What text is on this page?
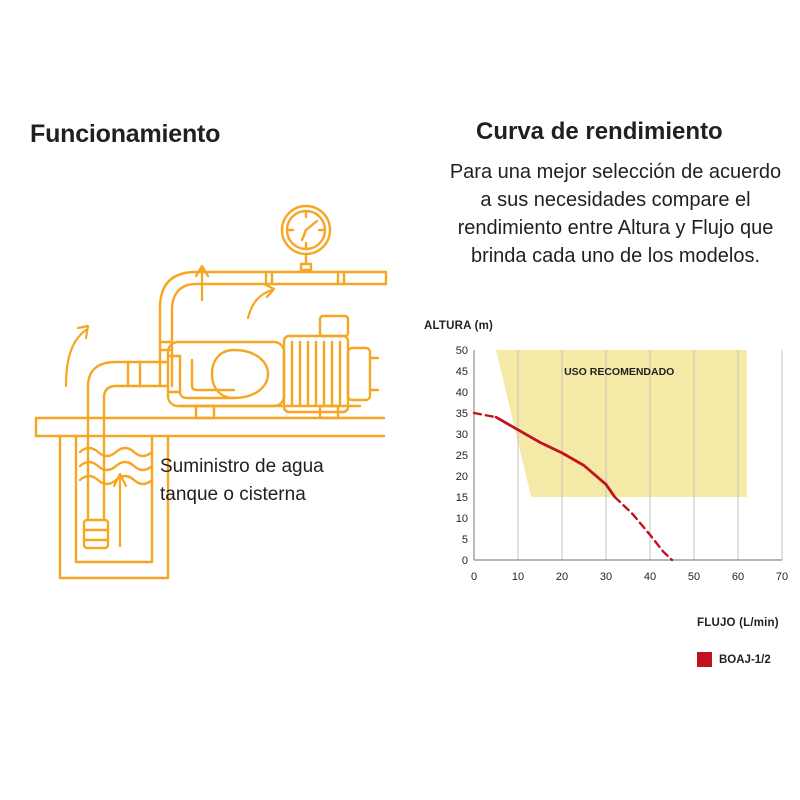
Funcionamiento
Suministro de agua
tanque o cisterna
Curva de rendimiento
Para una mejor selección de acuerdo a sus necesidades compare el rendimiento entre Altura y Flujo que brinda cada uno de los modelos.
ALTURA (m)
FLUJO (L/min)
0
5
10
15
20
25
30
35
40
45
50
0	10	20	30	40	50	60	70
USO RECOMENDADO
BOAJ-1/2
